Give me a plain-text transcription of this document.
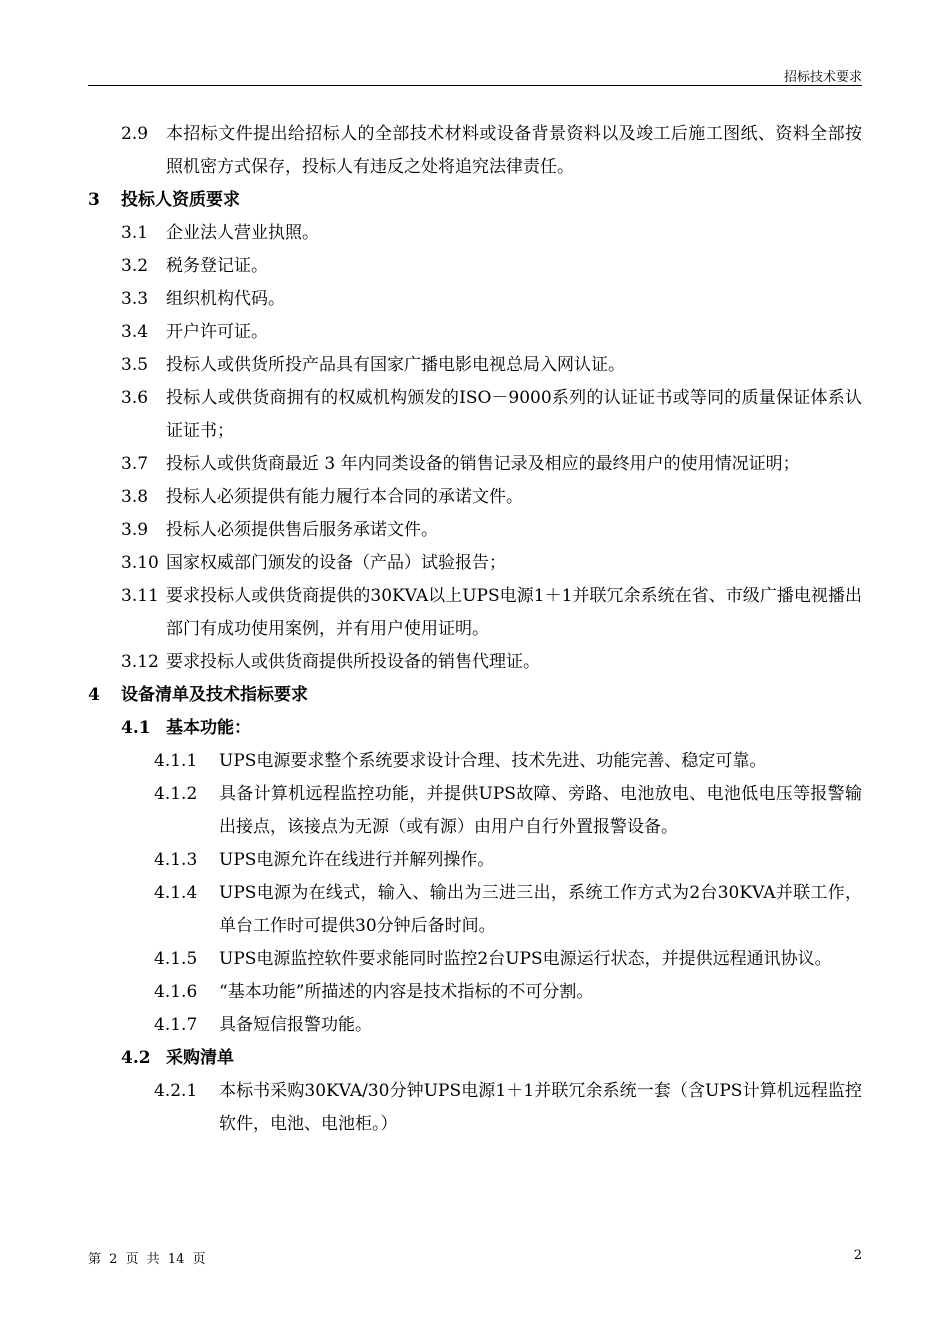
招标技术要求
2.9	本招标文件提出给招标人的全部技术材料或设备背景资料以及竣工后施工图纸、资料全部按照机密方式保存，投标人有违反之处将追究法律责任。
3	投标人资质要求
3.1	企业法人营业执照。
3.2	税务登记证。
3.3	组织机构代码。
3.4	开户许可证。
3.5	投标人或供货所投产品具有国家广播电影电视总局入网认证。
3.6	投标人或供货商拥有的权威机构颁发的ISO－9000系列的认证证书或等同的质量保证体系认证证书；
3.7	投标人或供货商最近 3 年内同类设备的销售记录及相应的最终用户的使用情况证明；
3.8	投标人必须提供有能力履行本合同的承诺文件。
3.9	投标人必须提供售后服务承诺文件。
3.10 国家权威部门颁发的设备（产品）试验报告；
3.11 要求投标人或供货商提供的30KVA以上UPS电源1＋1并联冗余系统在省、市级广播电视播出部门有成功使用案例，并有用户使用证明。
3.12 要求投标人或供货商提供所投设备的销售代理证。
4	设备清单及技术指标要求
4.1 基本功能：
4.1.1	UPS电源要求整个系统要求设计合理、技术先进、功能完善、稳定可靠。
4.1.2	具备计算机远程监控功能，并提供UPS故障、旁路、电池放电、电池低电压等报警输出接点，该接点为无源（或有源）由用户自行外置报警设备。
4.1.3	UPS电源允许在线进行并解列操作。
4.1.4	UPS电源为在线式，输入、输出为三进三出，系统工作方式为2台30KVA并联工作，单台工作时可提供30分钟后备时间。
4.1.5	UPS电源监控软件要求能同时监控2台UPS电源运行状态，并提供远程通讯协议。
4.1.6	“基本功能”所描述的内容是技术指标的不可分割。
4.1.7	具备短信报警功能。
4.2 采购清单
4.2.1	本标书采购30KVA/30分钟UPS电源1＋1并联冗余系统一套（含UPS计算机远程监控软件，电池、电池柜。）
第 2 页 共 14 页	2
